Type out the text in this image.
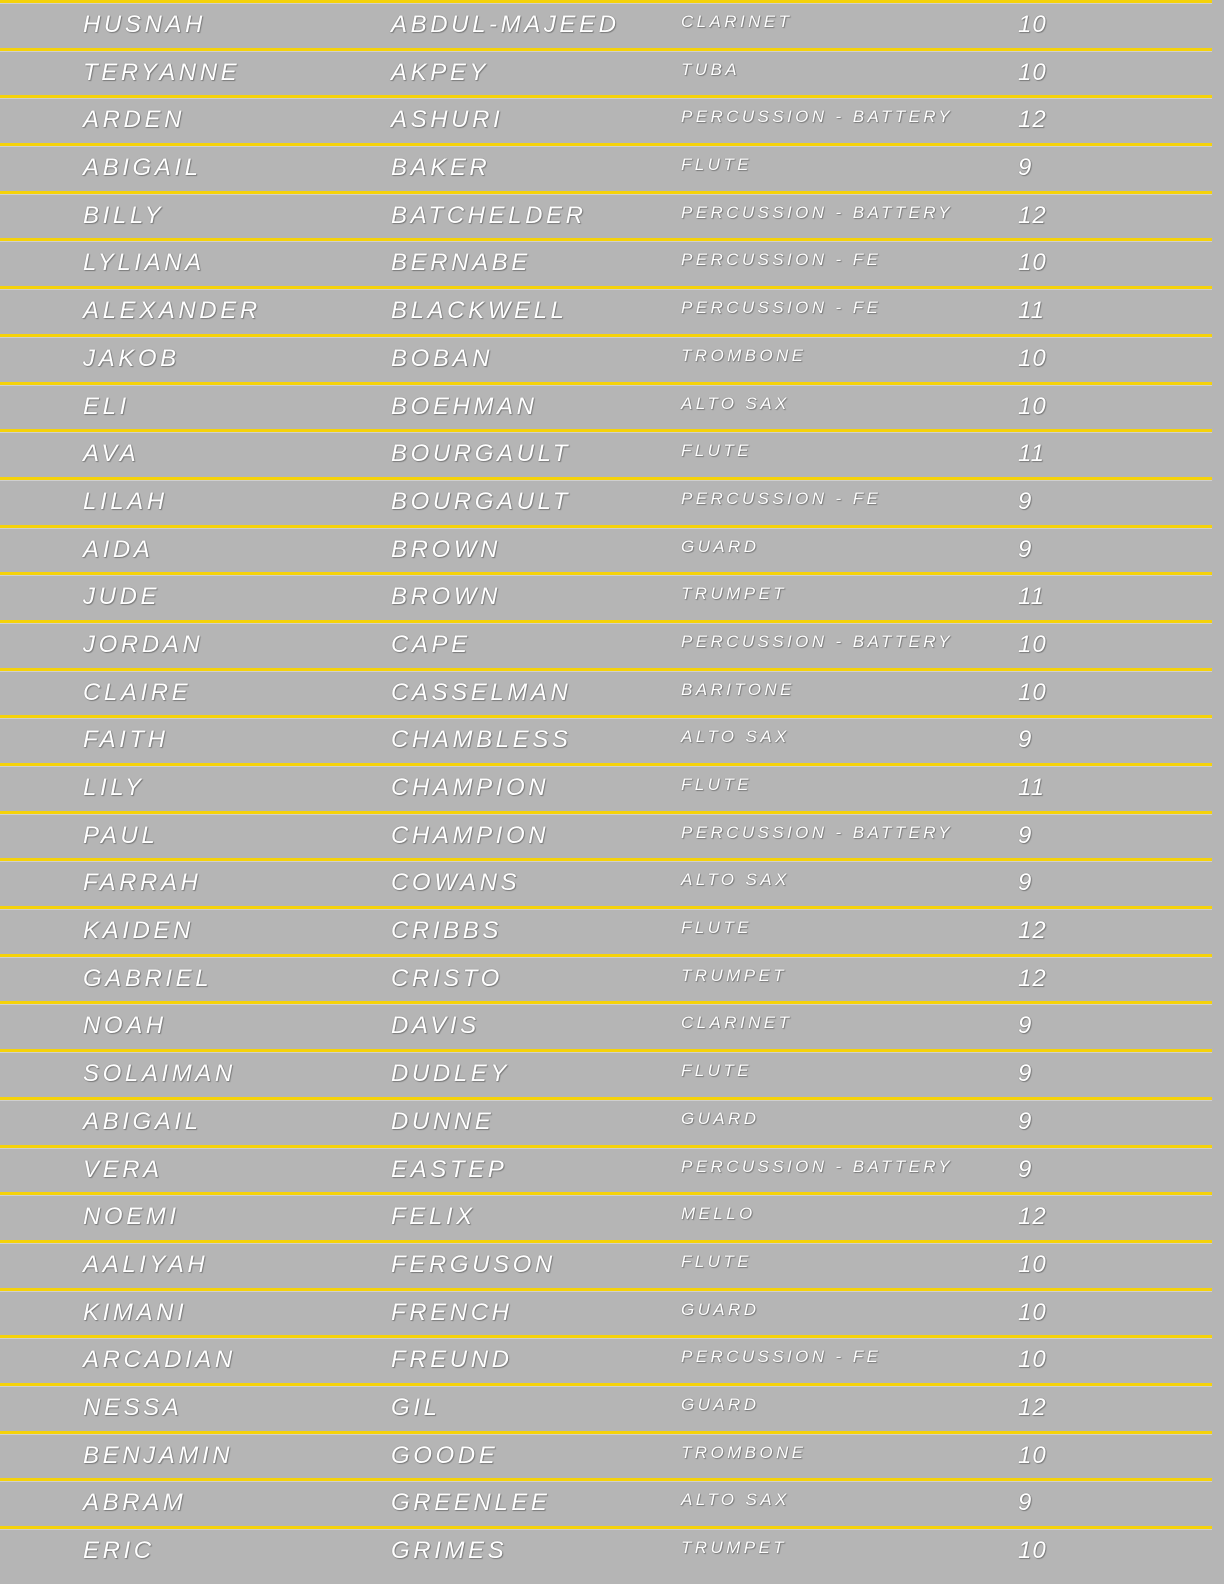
HUSNAH	ABDUL-MAJEED	CLARINET	10
TERYANNE	AKPEY	TUBA	10
ARDEN	ASHURI	PERCUSSION - BATTERY	12
ABIGAIL	BAKER	FLUTE	9
BILLY	BATCHELDER	PERCUSSION - BATTERY	12
LYLIANA	BERNABE	PERCUSSION - FE	10
ALEXANDER	BLACKWELL	PERCUSSION - FE	11
JAKOB	BOBAN	TROMBONE	10
ELI	BOEHMAN	ALTO SAX	10
AVA	BOURGAULT	FLUTE	11
LILAH	BOURGAULT	PERCUSSION - FE	9
AIDA	BROWN	GUARD	9
JUDE	BROWN	TRUMPET	11
JORDAN	CAPE	PERCUSSION - BATTERY	10
CLAIRE	CASSELMAN	BARITONE	10
FAITH	CHAMBLESS	ALTO SAX	9
LILY	CHAMPION	FLUTE	11
PAUL	CHAMPION	PERCUSSION - BATTERY	9
FARRAH	COWANS	ALTO SAX	9
KAIDEN	CRIBBS	FLUTE	12
GABRIEL	CRISTO	TRUMPET	12
NOAH	DAVIS	CLARINET	9
SOLAIMAN	DUDLEY	FLUTE	9
ABIGAIL	DUNNE	GUARD	9
VERA	EASTEP	PERCUSSION - BATTERY	9
NOEMI	FELIX	MELLO	12
AALIYAH	FERGUSON	FLUTE	10
KIMANI	FRENCH	GUARD	10
ARCADIAN	FREUND	PERCUSSION - FE	10
NESSA	GIL	GUARD	12
BENJAMIN	GOODE	TROMBONE	10
ABRAM	GREENLEE	ALTO SAX	9
ERIC	GRIMES	TRUMPET	10
